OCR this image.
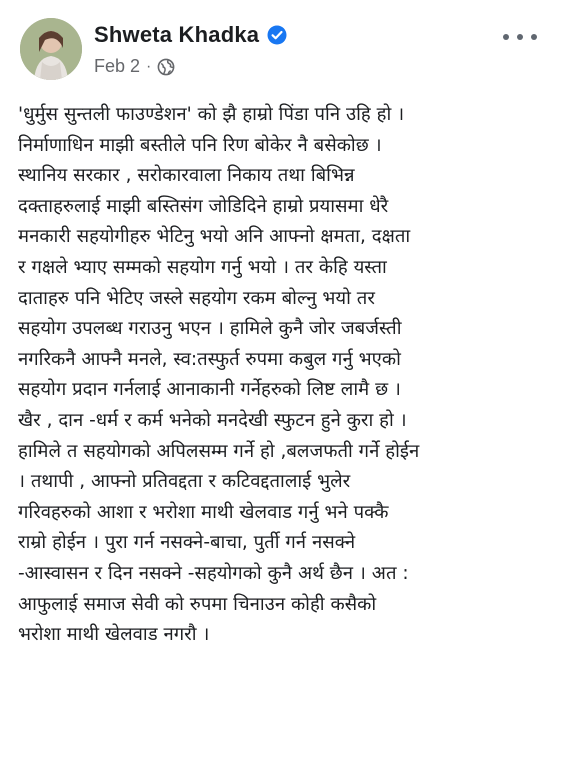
Shweta Khadka
Feb 2 ·
'धुर्मुस सुन्तली फाउण्डेशन' को झै हाम्रो पिंडा पनि उहि हो ।
निर्माणाधिन माझी बस्तीले पनि रिण बोकेर नै बसेकोछ ।
स्थानिय सरकार , सरोकारवाला निकाय तथा बिभिन्न
दक्ताहरुलाई माझी बस्तिसंग जोडिदिने हाम्रो प्रयासमा धेरै
मनकारी सहयोगीहरु भेटिनु भयो अनि आफ्नो क्षमता, दक्षता
र गक्षले भ्याए सम्मको सहयोग गर्नु भयो । तर केहि यस्ता
दाताहरु पनि भेटिए जस्ले सहयोग रकम बोल्नु भयो तर
सहयोग उपलब्ध गराउनु भएन । हामिले कुनै जोर जबर्जस्ती
नगरिकनै आफ्नै मनले, स्व:तस्फुर्त रुपमा कबुल गर्नु भएको
सहयोग प्रदान गर्नलाई आनाकानी गर्नेहरुको लिष्ट लामै छ ।
खैर , दान -धर्म र कर्म भनेको मनदेखी स्फुटन हुने कुरा हो ।
हामिले त सहयोगको अपिलसम्म गर्ने हो ,बलजफती गर्ने होईन
। तथापी , आफ्नो प्रतिवद्दता र कटिवद्दतालाई भुलेर
गरिवहरुको आशा र भरोशा माथी खेलवाड गर्नु भने पक्कै
राम्रो होईन । पुरा गर्न नसक्ने-बाचा, पुर्ती गर्न नसक्ने
-आस्वासन र दिन नसक्ने -सहयोगको कुनै अर्थ छैन । अत :
आफुलाई समाज सेवी को रुपमा चिनाउन कोही कसैको
भरोशा माथी खेलवाड नगरौ ।
